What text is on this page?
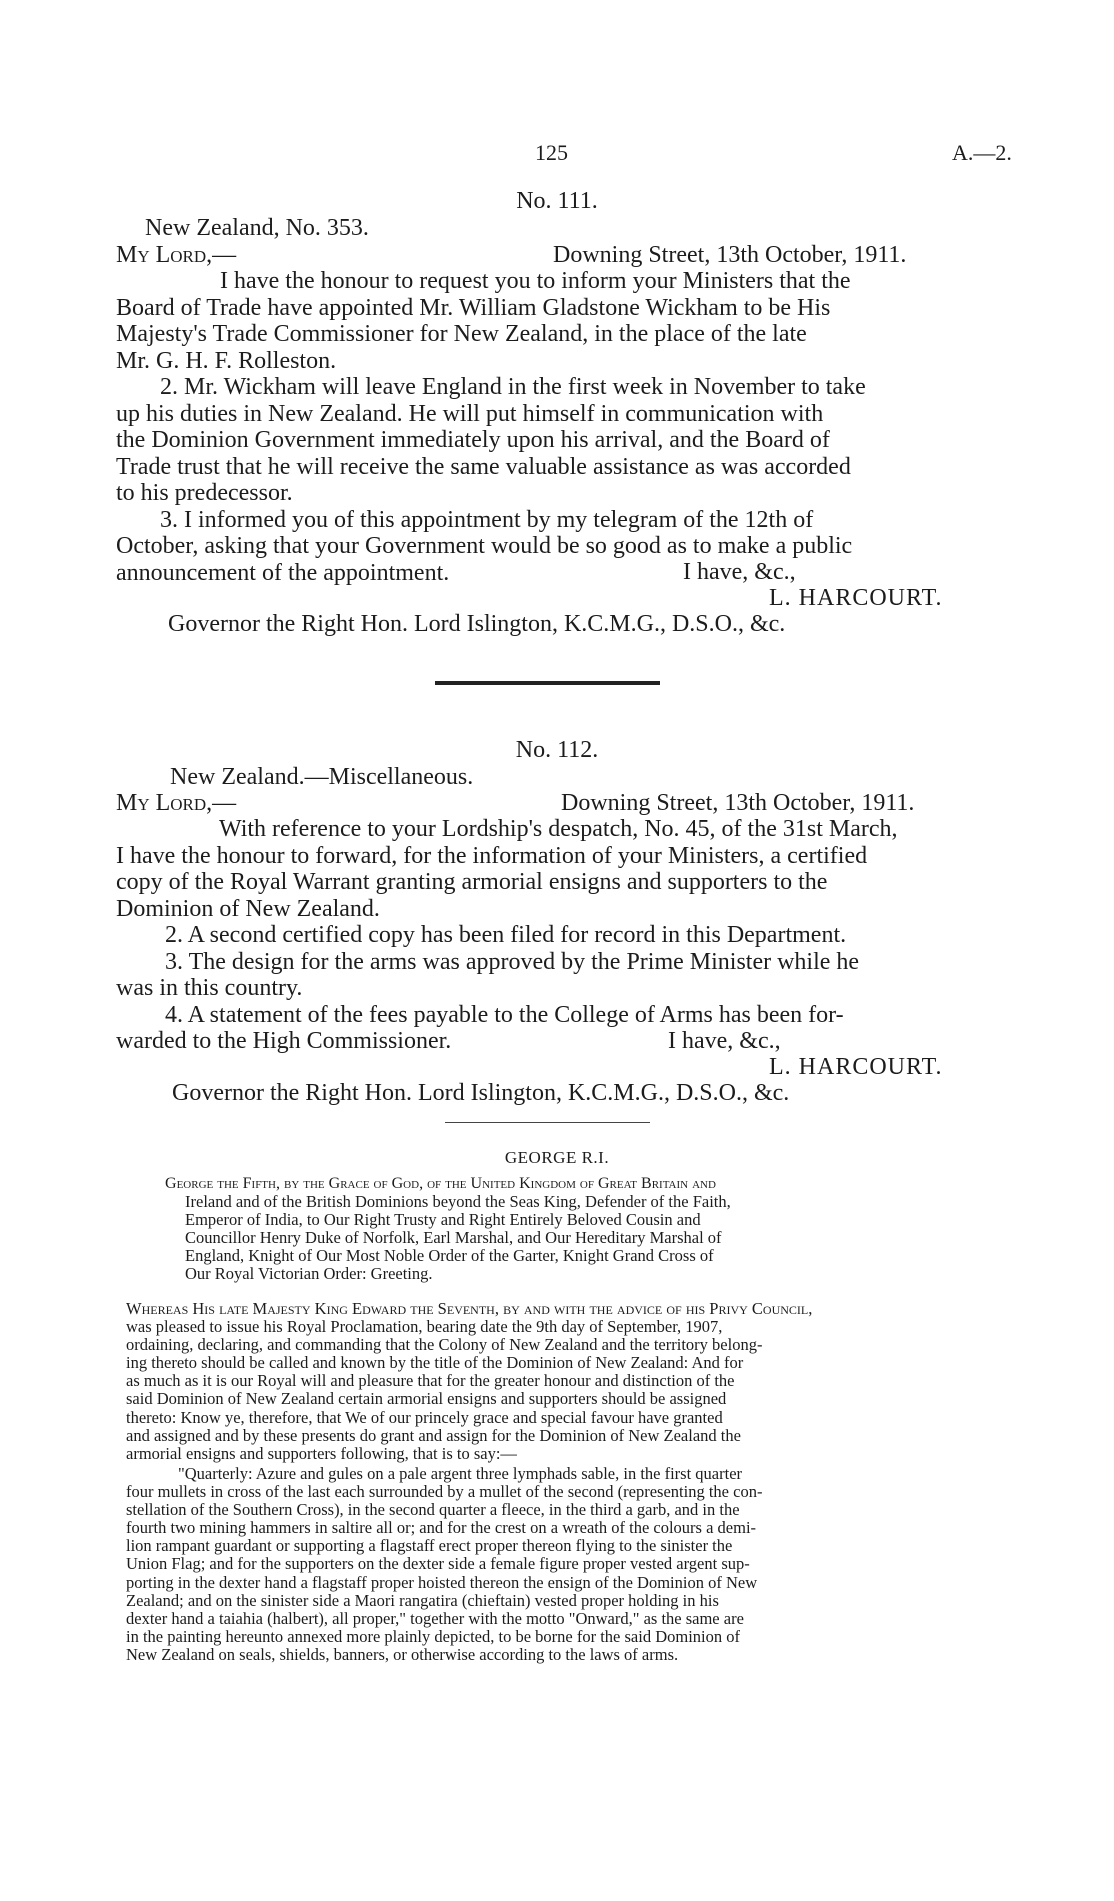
125	A.—2.
No. 111.
New Zealand, No. 353.
My Lord,—	Downing Street, 13th October, 1911.
I have the honour to request you to inform your Ministers that the
Board of Trade have appointed Mr. William Gladstone Wickham to be His
Majesty's Trade Commissioner for New Zealand, in the place of the late
Mr. G. H. F. Rolleston.
2. Mr. Wickham will leave England in the first week in November to take
up his duties in New Zealand. He will put himself in communication with
the Dominion Government immediately upon his arrival, and the Board of
Trade trust that he will receive the same valuable assistance as was accorded
to his predecessor.
3. I informed you of this appointment by my telegram of the 12th of
October, asking that your Government would be so good as to make a public
announcement of the appointment.	I have, &c.,
L. HARCOURT.
Governor the Right Hon. Lord Islington, K.C.M.G., D.S.O., &c.
No. 112.
New Zealand.—Miscellaneous.
My Lord,—	Downing Street, 13th October, 1911.
With reference to your Lordship's despatch, No. 45, of the 31st March,
I have the honour to forward, for the information of your Ministers, a certified
copy of the Royal Warrant granting armorial ensigns and supporters to the
Dominion of New Zealand.
2. A second certified copy has been filed for record in this Department.
3. The design for the arms was approved by the Prime Minister while he
was in this country.
4. A statement of the fees payable to the College of Arms has been for-
warded to the High Commissioner.	I have, &c.,
L. HARCOURT.
Governor the Right Hon. Lord Islington, K.C.M.G., D.S.O., &c.
GEORGE R.I.
George the Fifth, by the Grace of God, of the United Kingdom of Great Britain and
Ireland and of the British Dominions beyond the Seas King, Defender of the Faith,
Emperor of India, to Our Right Trusty and Right Entirely Beloved Cousin and
Councillor Henry Duke of Norfolk, Earl Marshal, and Our Hereditary Marshal of
England, Knight of Our Most Noble Order of the Garter, Knight Grand Cross of
Our Royal Victorian Order: Greeting.
Whereas His late Majesty King Edward the Seventh, by and with the advice of his Privy Council,
was pleased to issue his Royal Proclamation, bearing date the 9th day of September, 1907,
ordaining, declaring, and commanding that the Colony of New Zealand and the territory belong-
ing thereto should be called and known by the title of the Dominion of New Zealand: And for
as much as it is our Royal will and pleasure that for the greater honour and distinction of the
said Dominion of New Zealand certain armorial ensigns and supporters should be assigned
thereto: Know ye, therefore, that We of our princely grace and special favour have granted
and assigned and by these presents do grant and assign for the Dominion of New Zealand the
armorial ensigns and supporters following, that is to say:—
"Quarterly: Azure and gules on a pale argent three lymphads sable, in the first quarter
four mullets in cross of the last each surrounded by a mullet of the second (representing the con-
stellation of the Southern Cross), in the second quarter a fleece, in the third a garb, and in the
fourth two mining hammers in saltire all or; and for the crest on a wreath of the colours a demi-
lion rampant guardant or supporting a flagstaff erect proper thereon flying to the sinister the
Union Flag; and for the supporters on the dexter side a female figure proper vested argent sup-
porting in the dexter hand a flagstaff proper hoisted thereon the ensign of the Dominion of New
Zealand; and on the sinister side a Maori rangatira (chieftain) vested proper holding in his
dexter hand a taiahia (halbert), all proper," together with the motto "Onward," as the same are
in the painting hereunto annexed more plainly depicted, to be borne for the said Dominion of
New Zealand on seals, shields, banners, or otherwise according to the laws of arms.
